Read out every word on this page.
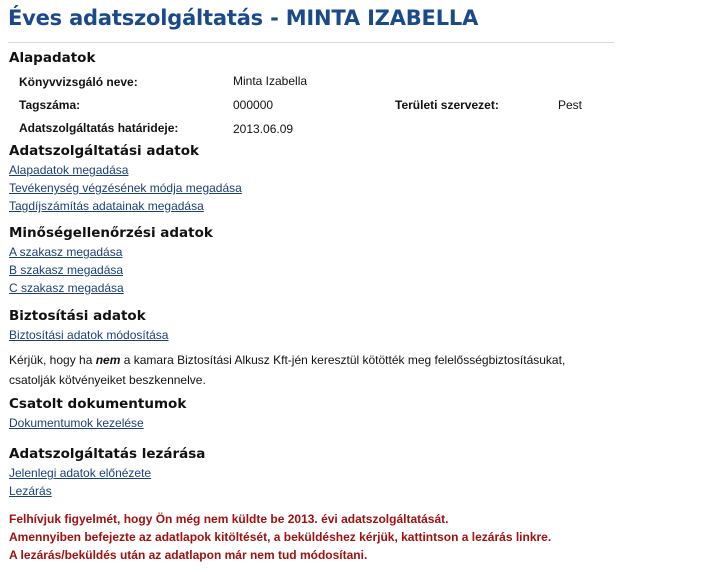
Éves adatszolgáltatás - MINTA IZABELLA
Alapadatok
Könyvvizsgáló neve:	Minta Izabella
Tagszáma:	000000	Területi szervezet:	Pest
Adatszolgáltatás határideje:	2013.06.09
Adatszolgáltatási adatok
Alapadatok megadása
Tevékenység végzésének módja megadása
Tagdíjszámítás adatainak megadása
Minőségellenőrzési adatok
A szakasz megadása
B szakasz megadása
C szakasz megadása
Biztosítási adatok
Biztosítási adatok módosítása
Kérjük, hogy ha nem a kamara Biztosítási Alkusz Kft-jén keresztül kötötték meg felelősségbiztosításukat,
csatolják kötvényeiket beszkennelve.
Csatolt dokumentumok
Dokumentumok kezelése
Adatszolgáltatás lezárása
Jelenlegi adatok előnézete
Lezárás
Felhívjuk figyelmét, hogy Ön még nem küldte be 2013. évi adatszolgáltatását.
Amennyiben befejezte az adatlapok kitöltését, a beküldéshez kérjük, kattintson a lezárás linkre.
A lezárás/beküldés után az adatlapon már nem tud módosítani.
